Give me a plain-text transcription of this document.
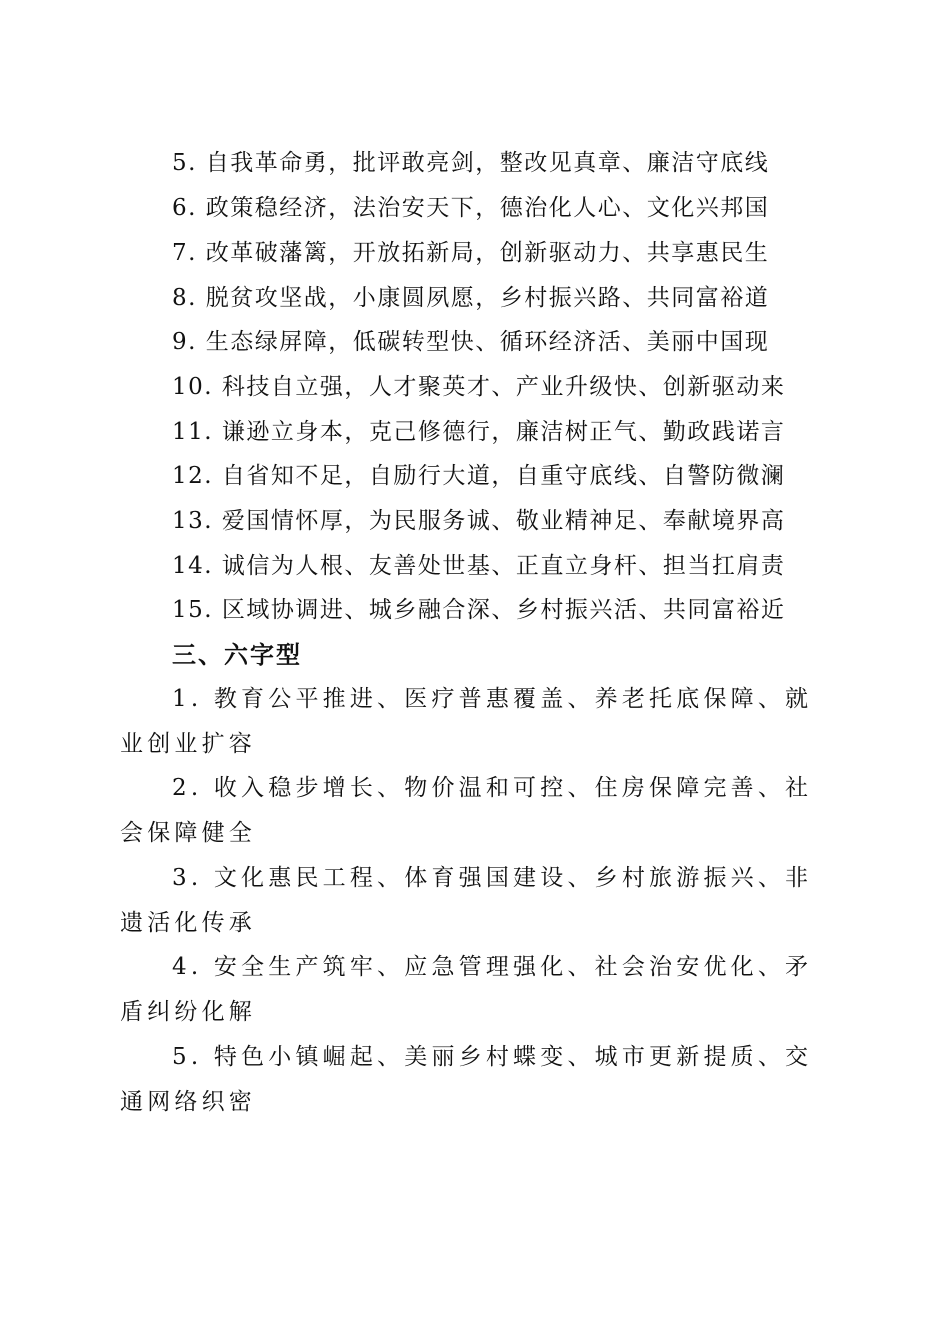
5. 自我革命勇，批评敢亮剑，整改见真章、廉洁守底线
6. 政策稳经济，法治安天下，德治化人心、文化兴邦国
7. 改革破藩篱，开放拓新局，创新驱动力、共享惠民生
8. 脱贫攻坚战，小康圆夙愿，乡村振兴路、共同富裕道
9. 生态绿屏障，低碳转型快、循环经济活、美丽中国现
10. 科技自立强，人才聚英才、产业升级快、创新驱动来
11. 谦逊立身本，克己修德行，廉洁树正气、勤政践诺言
12. 自省知不足，自励行大道，自重守底线、自警防微澜
13. 爱国情怀厚，为民服务诚、敬业精神足、奉献境界高
14. 诚信为人根、友善处世基、正直立身杆、担当扛肩责
15. 区域协调进、城乡融合深、乡村振兴活、共同富裕近
三、六字型
1. 教育公平推进、医疗普惠覆盖、养老托底保障、就业创业扩容
2. 收入稳步增长、物价温和可控、住房保障完善、社会保障健全
3. 文化惠民工程、体育强国建设、乡村旅游振兴、非遗活化传承
4. 安全生产筑牢、应急管理强化、社会治安优化、矛盾纠纷化解
5. 特色小镇崛起、美丽乡村蝶变、城市更新提质、交通网络织密
